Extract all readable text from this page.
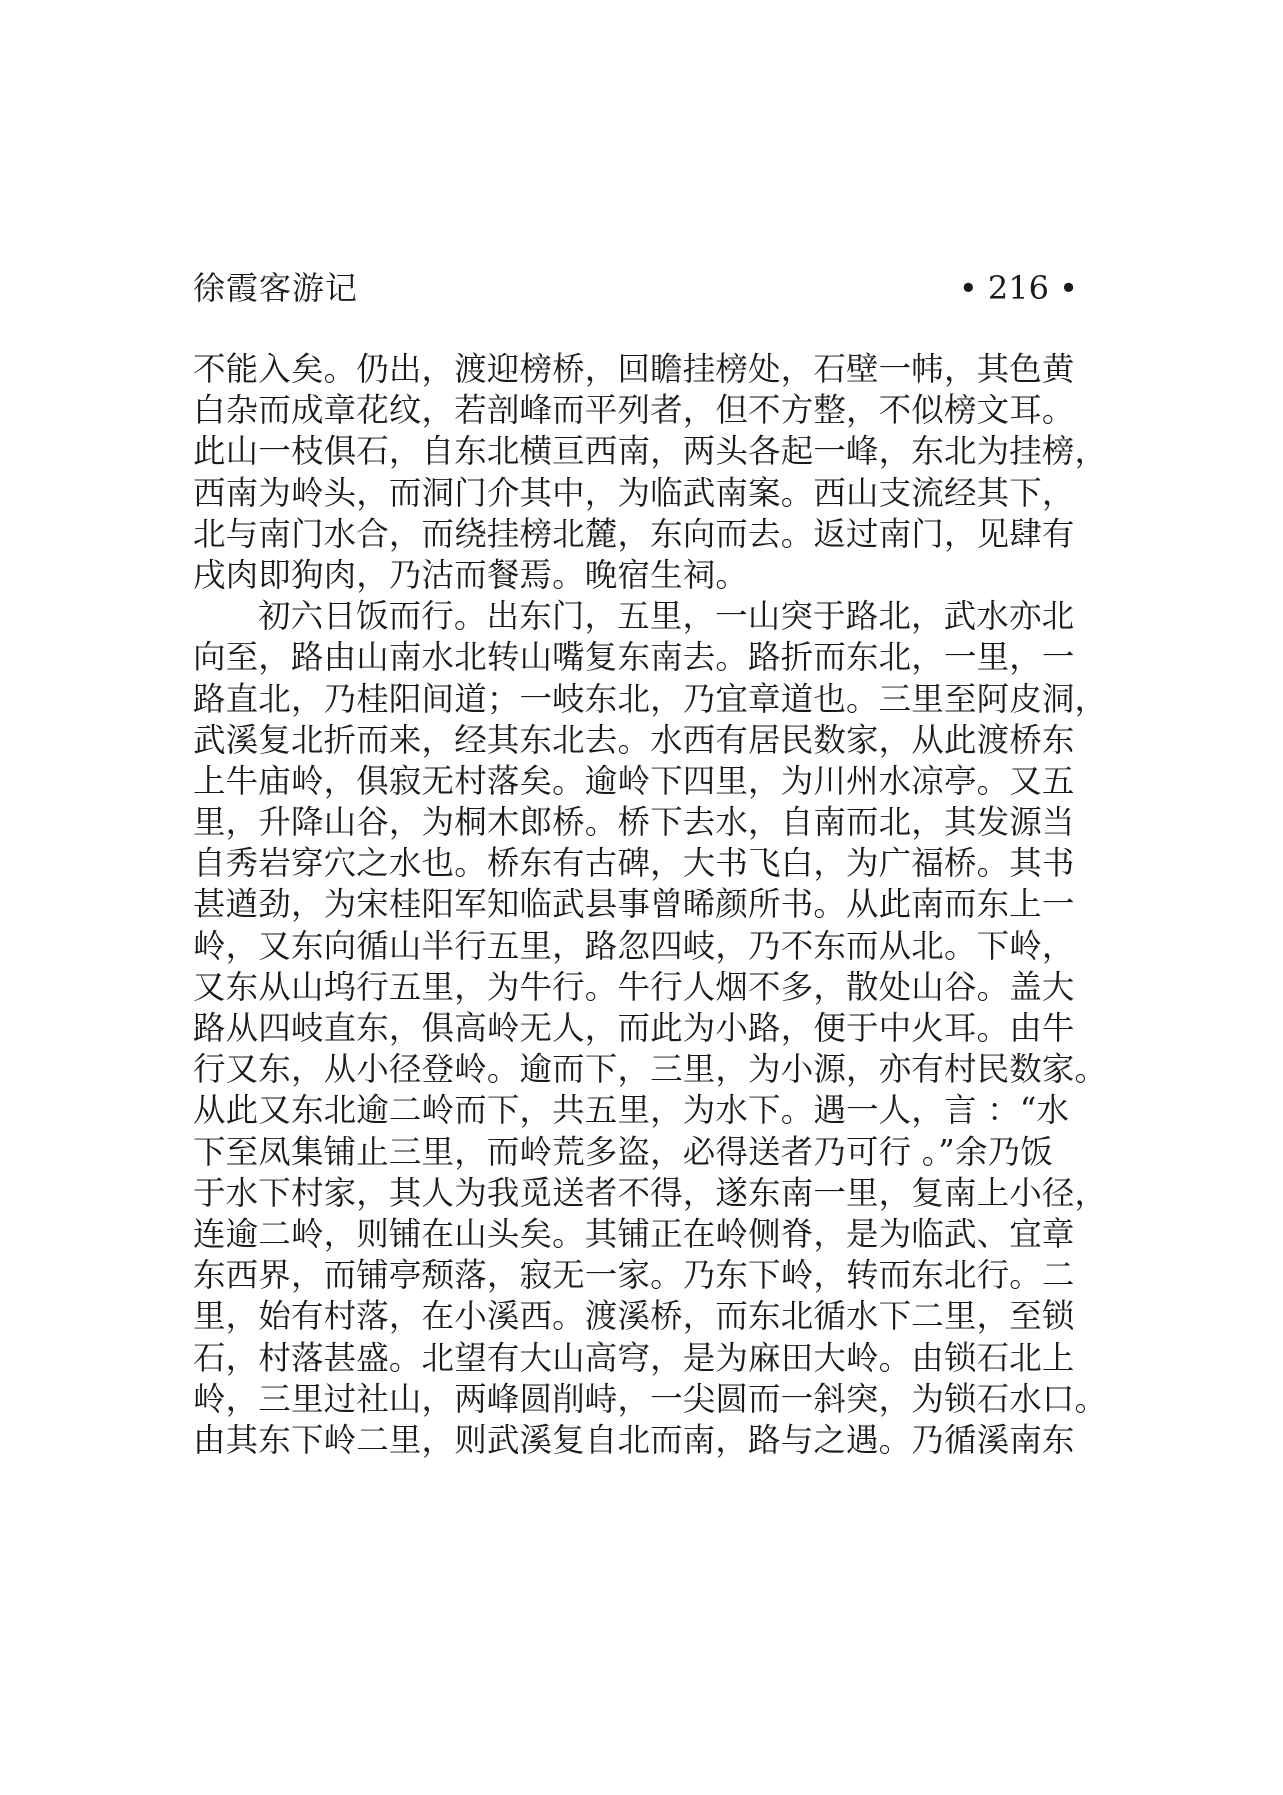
徐霞客游记	• 216 •
不能入矣。仍出，渡迎榜桥，回瞻挂榜处，石壁一帏，其色黄
白杂而成章花纹，若剖峰而平列者，但不方整，不似榜文耳。
此山一枝俱石，自东北横亘西南，两头各起一峰，东北为挂榜，
西南为岭头，而洞门介其中，为临武南案。西山支流经其下，
北与南门水合，而绕挂榜北麓，东向而去。返过南门，见肆有
戌肉即狗肉，乃沽而餐焉。晚宿生祠。
初六日饭而行。出东门，五里，一山突于路北，武水亦北
向至，路由山南水北转山嘴复东南去。路折而东北，一里，一
路直北，乃桂阳间道；一岐东北，乃宜章道也。三里至阿皮洞，
武溪复北折而来，经其东北去。水西有居民数家，从此渡桥东
上牛庙岭，俱寂无村落矣。逾岭下四里，为川州水凉亭。又五
里，升降山谷，为桐木郎桥。桥下去水，自南而北，其发源当
自秀岩穿穴之水也。桥东有古碑，大书飞白，为广福桥。其书
甚遒劲，为宋桂阳军知临武县事曾晞颜所书。从此南而东上一
岭，又东向循山半行五里，路忽四岐，乃不东而从北。下岭，
又东从山坞行五里，为牛行。牛行人烟不多，散处山谷。盖大
路从四岐直东，俱高岭无人，而此为小路，便于中火耳。由牛
行又东，从小径登岭。逾而下，三里，为小源，亦有村民数家。
从此又东北逾二岭而下，共五里，为水下。遇一人，言 ：“水
下至凤集铺止三里，而岭荒多盗，必得送者乃可行 。”余乃饭
于水下村家，其人为我觅送者不得，遂东南一里，复南上小径，
连逾二岭，则铺在山头矣。其铺正在岭侧脊，是为临武、宜章
东西界，而铺亭颓落，寂无一家。乃东下岭，转而东北行。二
里，始有村落，在小溪西。渡溪桥，而东北循水下二里，至锁
石，村落甚盛。北望有大山高穹，是为麻田大岭。由锁石北上
岭，三里过社山，两峰圆削峙，一尖圆而一斜突，为锁石水口。
由其东下岭二里，则武溪复自北而南，路与之遇。乃循溪南东
